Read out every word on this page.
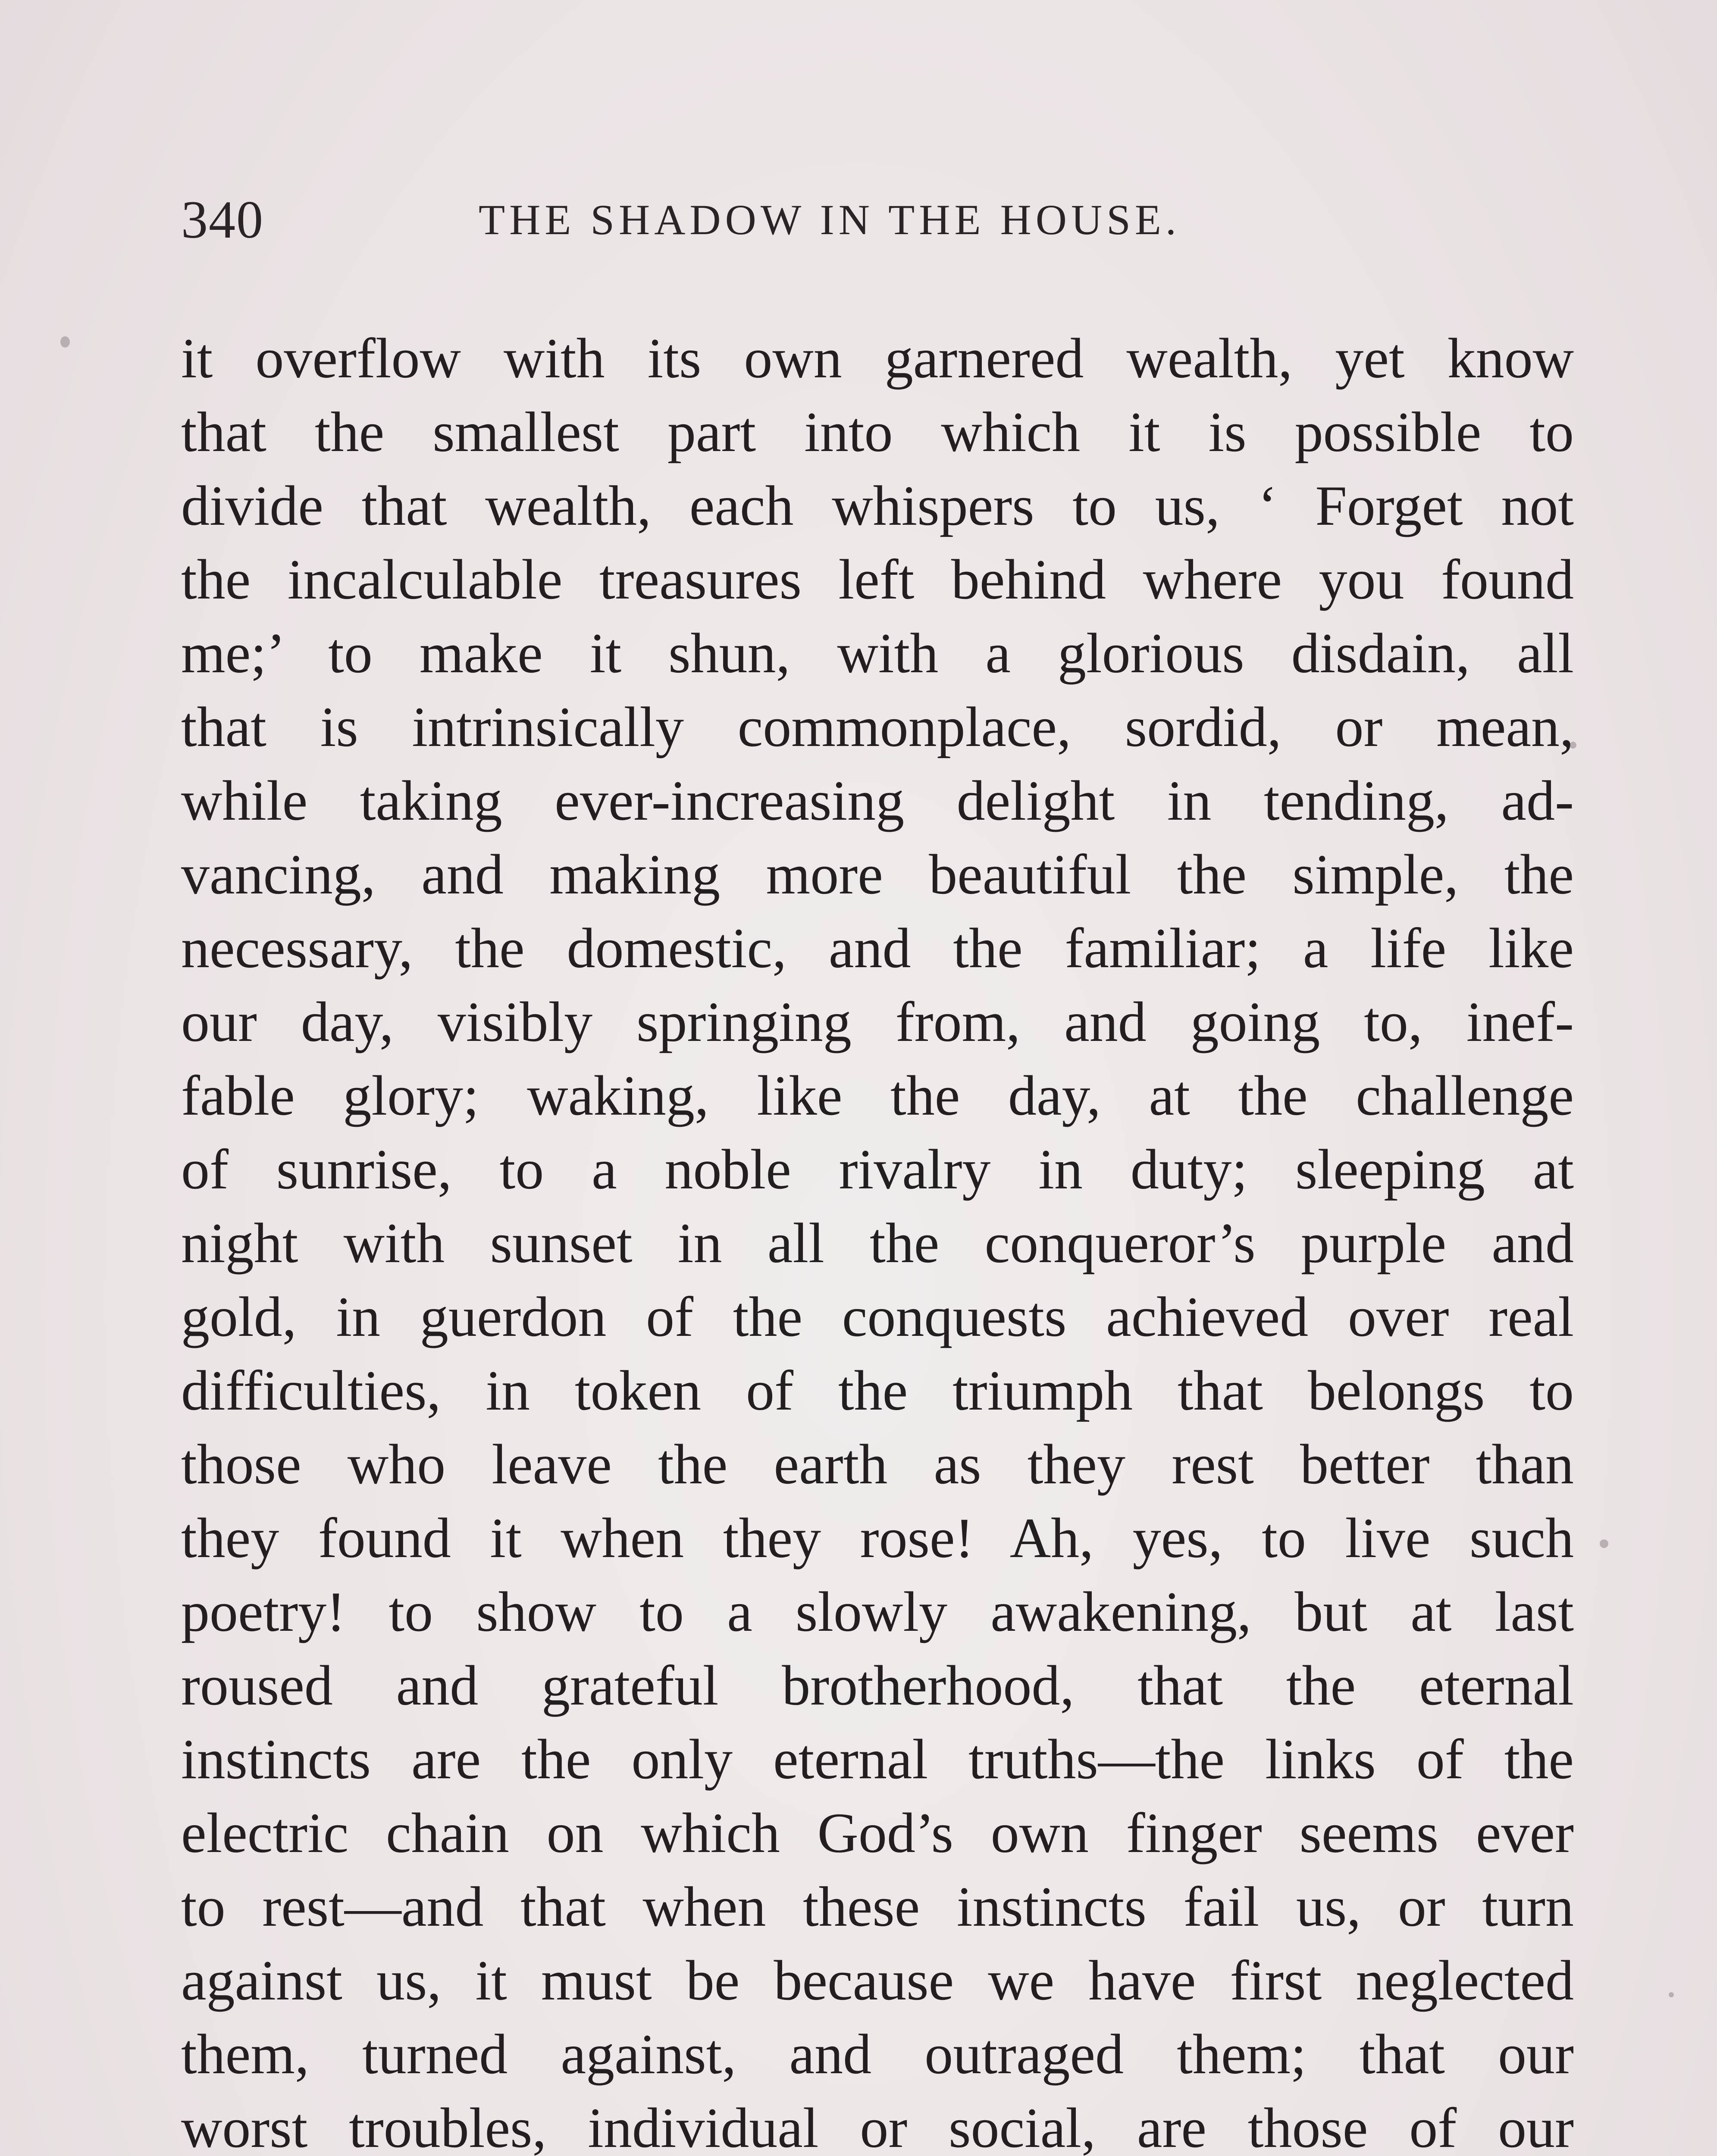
340	THE SHADOW IN THE HOUSE.
it overflow with its own garnered wealth, yet know
that the smallest part into which it is possible to
divide that wealth, each whispers to us, ‘ Forget not
the incalculable treasures left behind where you found
me;’ to make it shun, with a glorious disdain, all
that is intrinsically commonplace, sordid, or mean,
while taking ever-increasing delight in tending, ad-
vancing, and making more beautiful the simple, the
necessary, the domestic, and the familiar; a life like
our day, visibly springing from, and going to, inef-
fable glory; waking, like the day, at the challenge
of sunrise, to a noble rivalry in duty; sleeping at
night with sunset in all the conqueror’s purple and
gold, in guerdon of the conquests achieved over real
difficulties, in token of the triumph that belongs to
those who leave the earth as they rest better than
they found it when they rose! Ah, yes, to live such
poetry! to show to a slowly awakening, but at last
roused and grateful brotherhood, that the eternal
instincts are the only eternal truths—the links of the
electric chain on which God’s own finger seems ever
to rest—and that when these instincts fail us, or turn
against us, it must be because we have first neglected
them, turned against, and outraged them; that our
worst troubles, individual or social, are those of our
